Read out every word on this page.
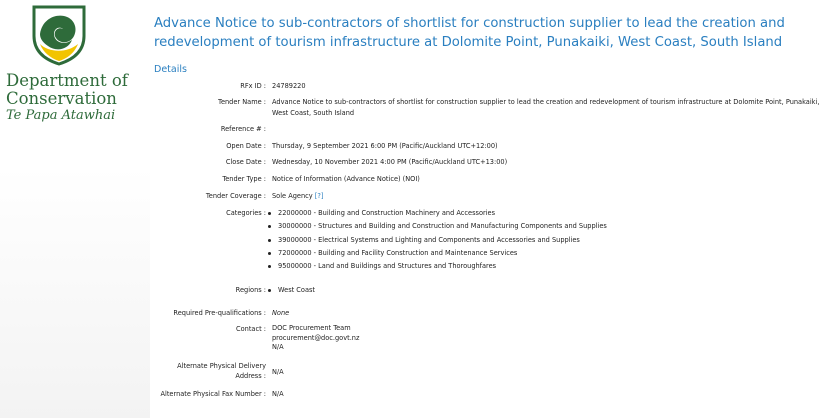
Department of
Conservation
Te Papa Atawhai
Advance Notice to sub-contractors of shortlist for construction supplier to lead the creation and redevelopment of tourism infrastructure at Dolomite Point, Punakaiki, West Coast, South Island
Details
RFx ID : 24789220
Tender Name : Advance Notice to sub-contractors of shortlist for construction supplier to lead the creation and redevelopment of tourism infrastructure at Dolomite Point, Punakaiki, West Coast, South Island
Reference # :
Open Date : Thursday, 9 September 2021 6:00 PM (Pacific/Auckland UTC+12:00)
Close Date : Wednesday, 10 November 2021 4:00 PM (Pacific/Auckland UTC+13:00)
Tender Type : Notice of Information (Advance Notice) (NOI)
Tender Coverage : Sole Agency [?]
Categories :	22000000 - Building and Construction Machinery and Accessories
30000000 - Structures and Building and Construction and Manufacturing Components and Supplies
39000000 - Electrical Systems and Lighting and Components and Accessories and Supplies
72000000 - Building and Facility Construction and Maintenance Services
95000000 - Land and Buildings and Structures and Thoroughfares
Regions :	West Coast
Required Pre-qualifications : None
Contact : DOC Procurement Team
procurement@doc.govt.nz
N/A
Alternate Physical Delivery
Address : N/A
Alternate Physical Fax Number : N/A
